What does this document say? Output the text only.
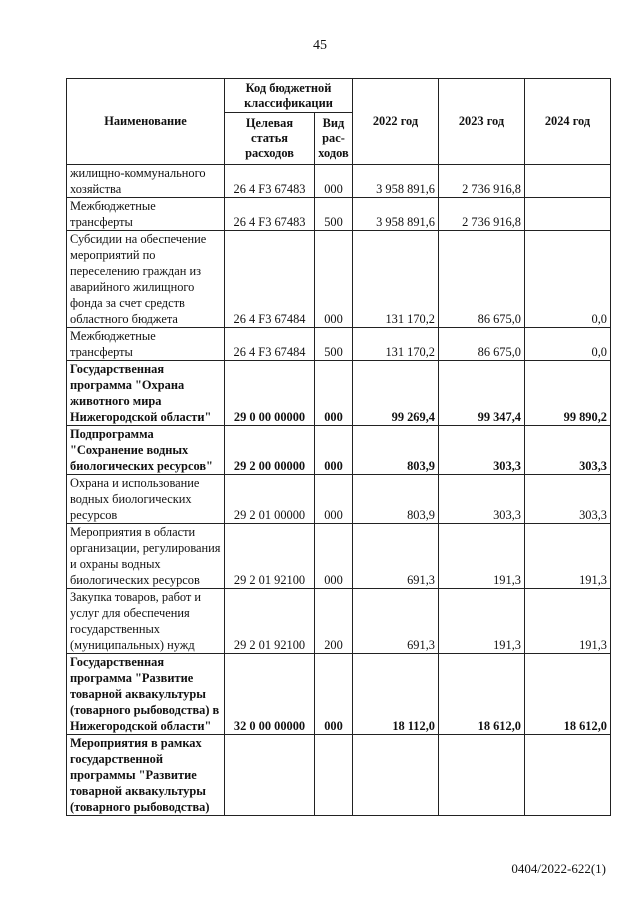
45
Наименование	Код бюджетной классификации		2022 год	2023 год	2024 год
	Целевая статья расходов	Вид рас-ходов			
жилищно-коммунального хозяйства	26 4 F3 67483	000	3 958 891,6	2 736 916,8	
Межбюджетные трансферты	26 4 F3 67483	500	3 958 891,6	2 736 916,8	
Субсидии на обеспечение мероприятий по переселению граждан из аварийного жилищного фонда за счет средств областного бюджета	26 4 F3 67484	000	131 170,2	86 675,0	0,0
Межбюджетные трансферты	26 4 F3 67484	500	131 170,2	86 675,0	0,0
Государственная программа "Охрана животного мира Нижегородской области"	29 0 00 00000	000	99 269,4	99 347,4	99 890,2
Подпрограмма "Сохранение водных биологических ресурсов"	29 2 00 00000	000	803,9	303,3	303,3
Охрана и использование водных биологических ресурсов	29 2 01 00000	000	803,9	303,3	303,3
Мероприятия в области организации, регулирования и охраны водных биологических ресурсов	29 2 01 92100	000	691,3	191,3	191,3
Закупка товаров, работ и услуг для обеспечения государственных (муниципальных) нужд	29 2 01 92100	200	691,3	191,3	191,3
Государственная программа "Развитие товарной аквакультуры (товарного рыбоводства) в Нижегородской области"	32 0 00 00000	000	18 112,0	18 612,0	18 612,0
Мероприятия в рамках государственной программы "Развитие товарной аквакультуры (товарного рыбоводства)					
0404/2022-622(1)
